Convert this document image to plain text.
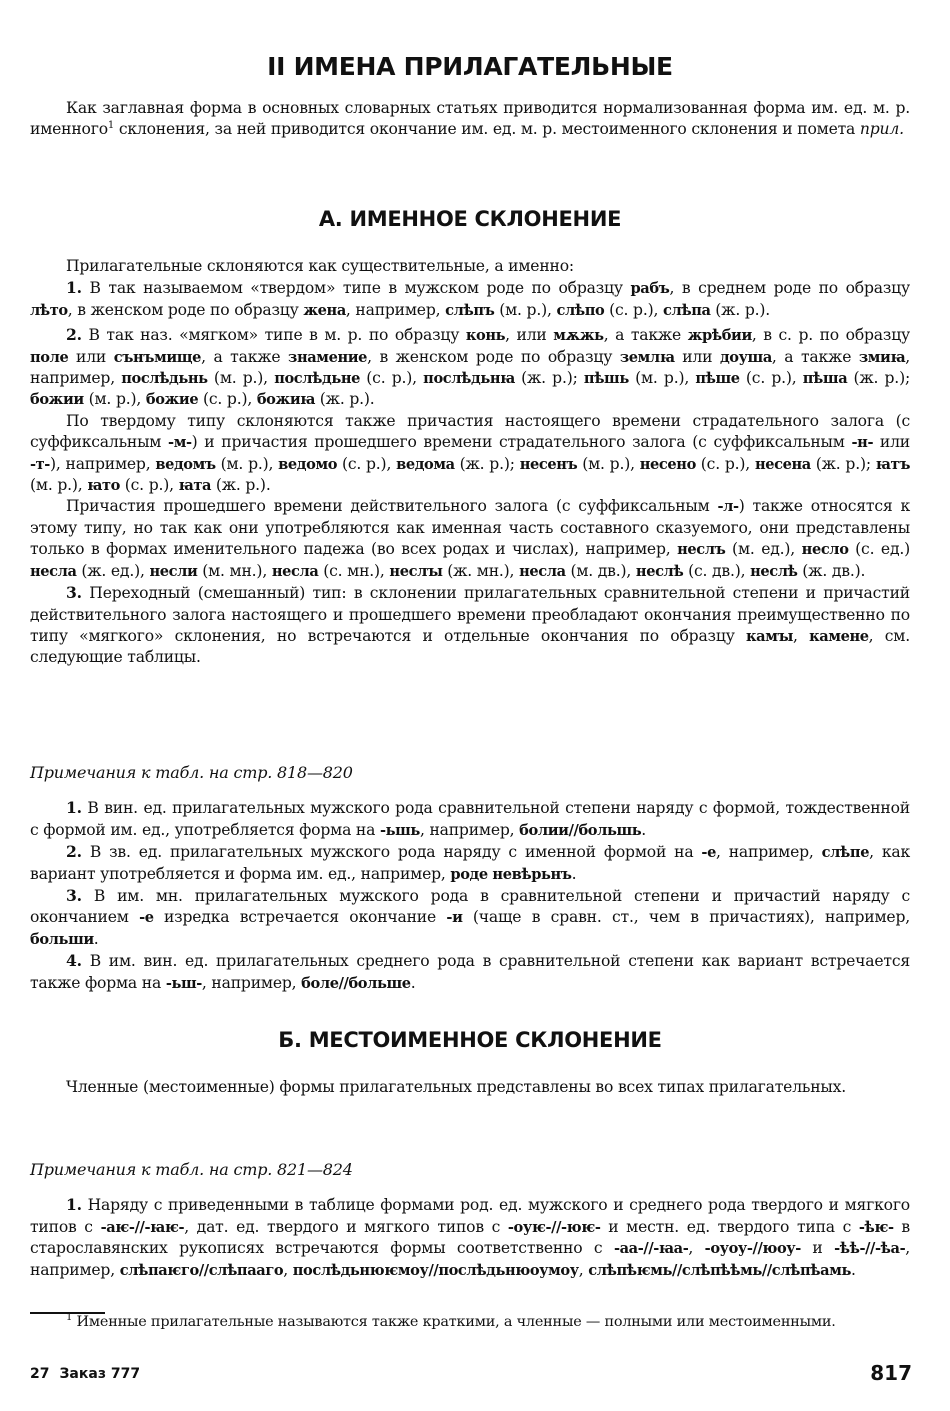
II ИМЕНА ПРИЛАГАТЕЛЬНЫЕ

Как заглавная форма в основных словарных статьях приводится нормализованная форма им. ед. м. р. именного$^1$ склонения, за ней приводится окончание им. ед. м. р. местоименного склонения и помета прил.

А. ИМЕННОЕ СКЛОНЕНИЕ

Прилагательные склоняются как существительные, а именно:

1. В так называемом «твердом» типе в мужском роде по образцу рабъ, в среднем роде по образцу лѣто, в женском роде по образцу жена, например, слѣпъ (м. р.), слѣпо (с. р.), слѣпа (ж. р.).

2. В так наз. «мягком» типе в м. р. по образцу конь, или мѫжь, а также жрѣбии, в с. р. по образцу поле или сънъмище, а также знамение, в женском роде по образцу землꙗ или доуша, а также змиꙗ, например, послѣдьнь (м. р.), послѣдьне (с. р.), послѣдьнꙗ (ж. р.); пѣшь (м. р.), пѣше (с. р.), пѣша (ж. р.); божии (м. р.), божие (с. р.), божиꙗ (ж. р.).

По твердому типу склоняются также причастия настоящего времени страдательного залога (с суффиксальным -м-) и причастия прошедшего времени страдательного залога (с суффиксальным -н- или -т-), например, ведомъ (м. р.), ведомо (с. р.), ведома (ж. р.); несенъ (м. р.), несено (с. р.), несена (ж. р.); ꙗтъ (м. р.), ꙗто (с. р.), ꙗта (ж. р.).

Причастия прошедшего времени действительного залога (с суффиксальным -л-) также относятся к этому типу, но так как они употребляются как именная часть составного сказуемого, они представлены только в формах именительного падежа (во всех родах и числах), например, неслъ (м. ед.), несло (с. ед.) несла (ж. ед.), несли (м. мн.), несла (с. мн.), неслꙑ (ж. мн.), несла (м. дв.), неслѣ (с. дв.), неслѣ (ж. дв.).

3. Переходный (смешанный) тип: в склонении прилагательных сравнительной степени и причастий действительного залога настоящего и прошедшего времени преобладают окончания преимущественно по типу «мягкого» склонения, но встречаются и отдельные окончания по образцу камꙑ, камене, см. следующие таблицы.

Примечания к табл. на стр. 818—820

1. В вин. ед. прилагательных мужского рода сравнительной степени наряду с формой, тождественной с формой им. ед., употребляется форма на -ьшь, например, болии//большь.

2. В зв. ед. прилагательных мужского рода наряду с именной формой на -е, например, слѣпе, как вариант употребляется и форма им. ед., например, роде невѣрьнъ.

3. В им. мн. прилагательных мужского рода в сравнительной степени и причастий наряду с окончанием -е изредка встречается окончание -и (чаще в сравн. ст., чем в причастиях), например, больши.

4. В им. вин. ед. прилагательных среднего рода в сравнительной степени как вариант встречается также форма на -ьш-, например, боле//больше.

Б. МЕСТОИМЕННОЕ СКЛОНЕНИЕ

Членные (местоименные) формы прилагательных представлены во всех типах прилагательных.

Примечания к табл. на стр. 821—824

1. Наряду с приведенными в таблице формами род. ед. мужского и среднего рода твердого и мягкого типов с -аѥ-//-ꙗѥ-, дат. ед. твердого и мягкого типов с -оуѥ-//-юѥ- и местн. ед. твердого типа с -ѣѥ- в старославянских рукописях встречаются формы соответственно с -аа-//-ꙗа-, -оуоу-//юоу- и -ѣѣ-//-ѣа-, например, слѣпаѥго//слѣпааго, послѣдьнюѥмоу//послѣдьнюоумоу, слѣпѣѥмь//слѣпѣѣмь//слѣпѣамь.

$^1$ Именные прилагательные называются также краткими, а членные — полными или местоименными.

27 Заказ 777	817
